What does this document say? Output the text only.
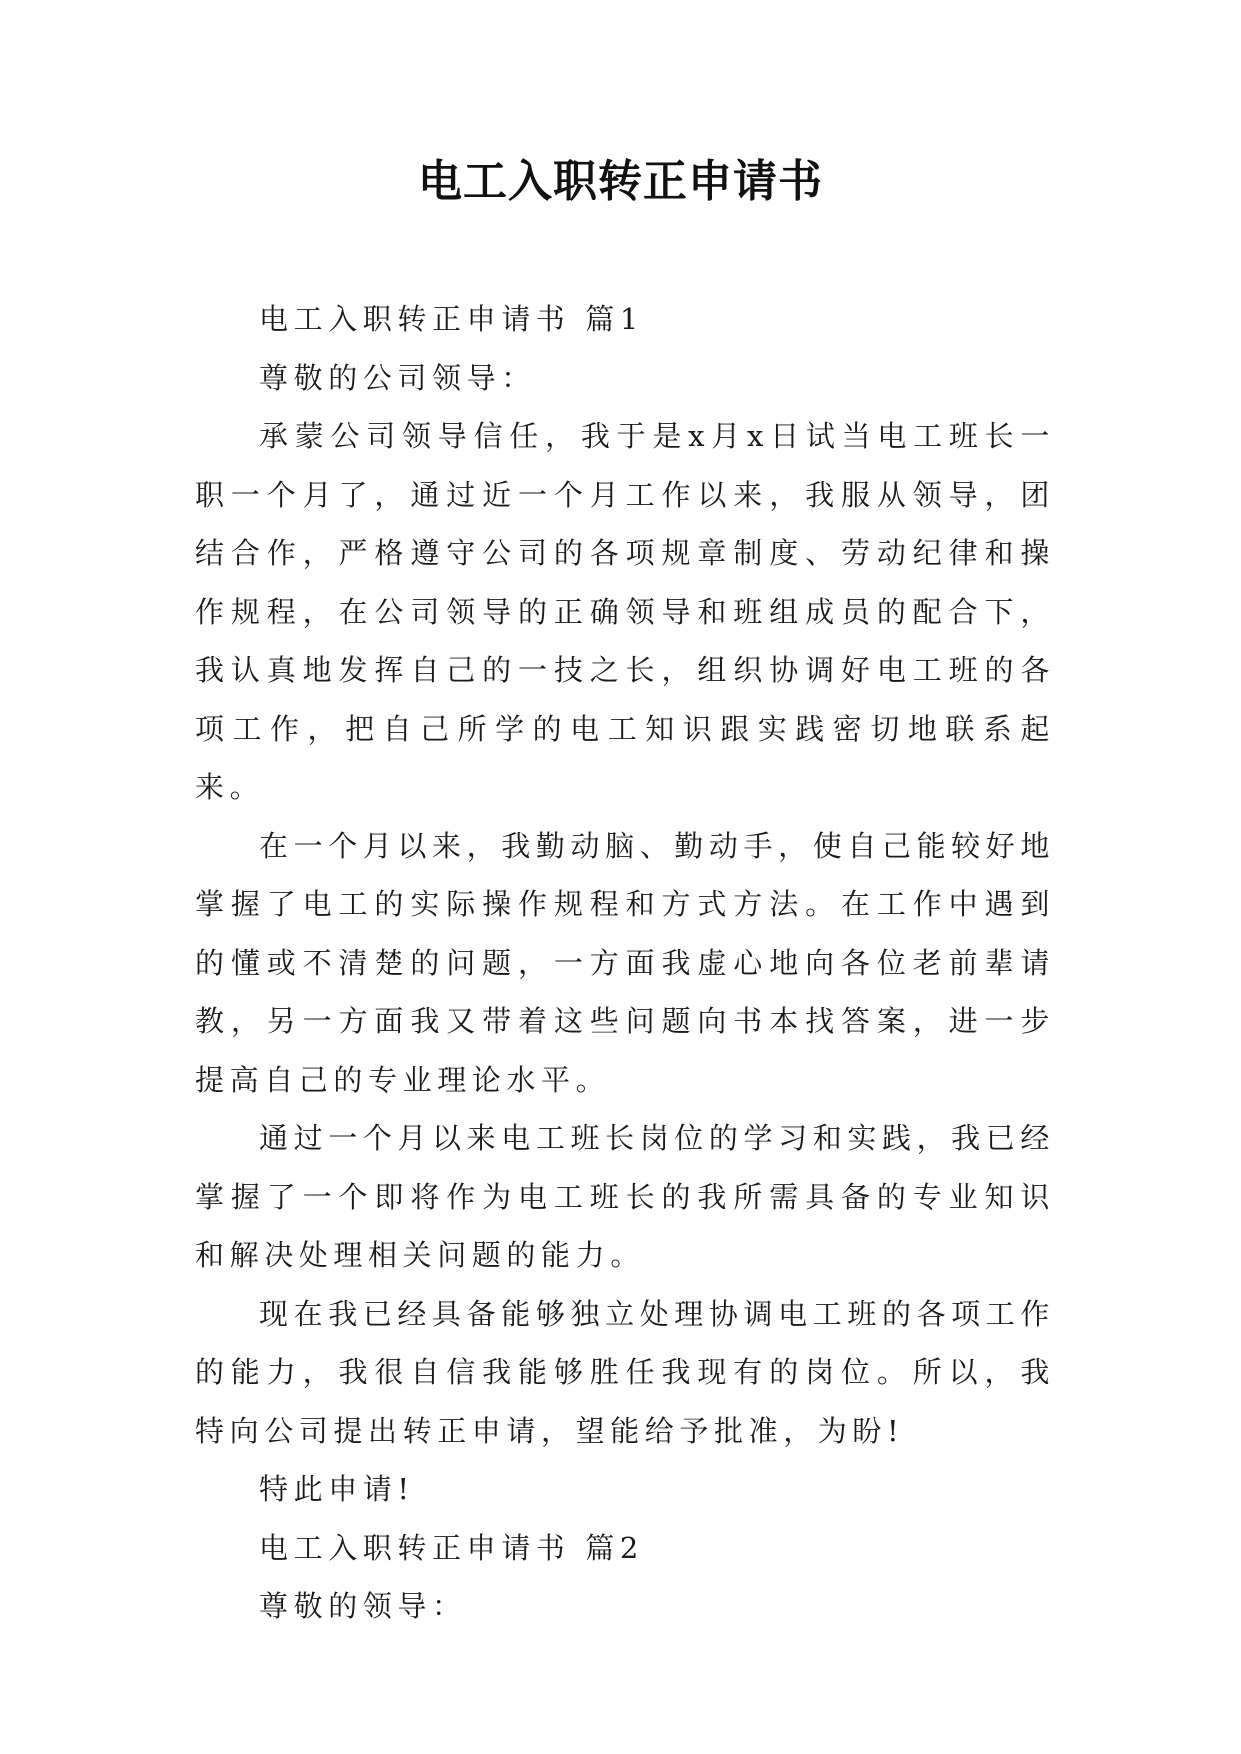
电工入职转正申请书

电工入职转正申请书 篇1

尊敬的公司领导：

承蒙公司领导信任，我于是x月x日试当电工班长一职一个月了，通过近一个月工作以来，我服从领导，团结合作，严格遵守公司的各项规章制度、劳动纪律和操作规程，在公司领导的正确领导和班组成员的配合下，我认真地发挥自己的一技之长，组织协调好电工班的各项工作，把自己所学的电工知识跟实践密切地联系起来。

在一个月以来，我勤动脑、勤动手，使自己能较好地掌握了电工的实际操作规程和方式方法。在工作中遇到的懂或不清楚的问题，一方面我虚心地向各位老前辈请教，另一方面我又带着这些问题向书本找答案，进一步提高自己的专业理论水平。

通过一个月以来电工班长岗位的学习和实践，我已经掌握了一个即将作为电工班长的我所需具备的专业知识和解决处理相关问题的能力。

现在我已经具备能够独立处理协调电工班的各项工作的能力，我很自信我能够胜任我现有的岗位。所以，我特向公司提出转正申请，望能给予批准，为盼!

特此申请!

电工入职转正申请书 篇2

尊敬的领导：
